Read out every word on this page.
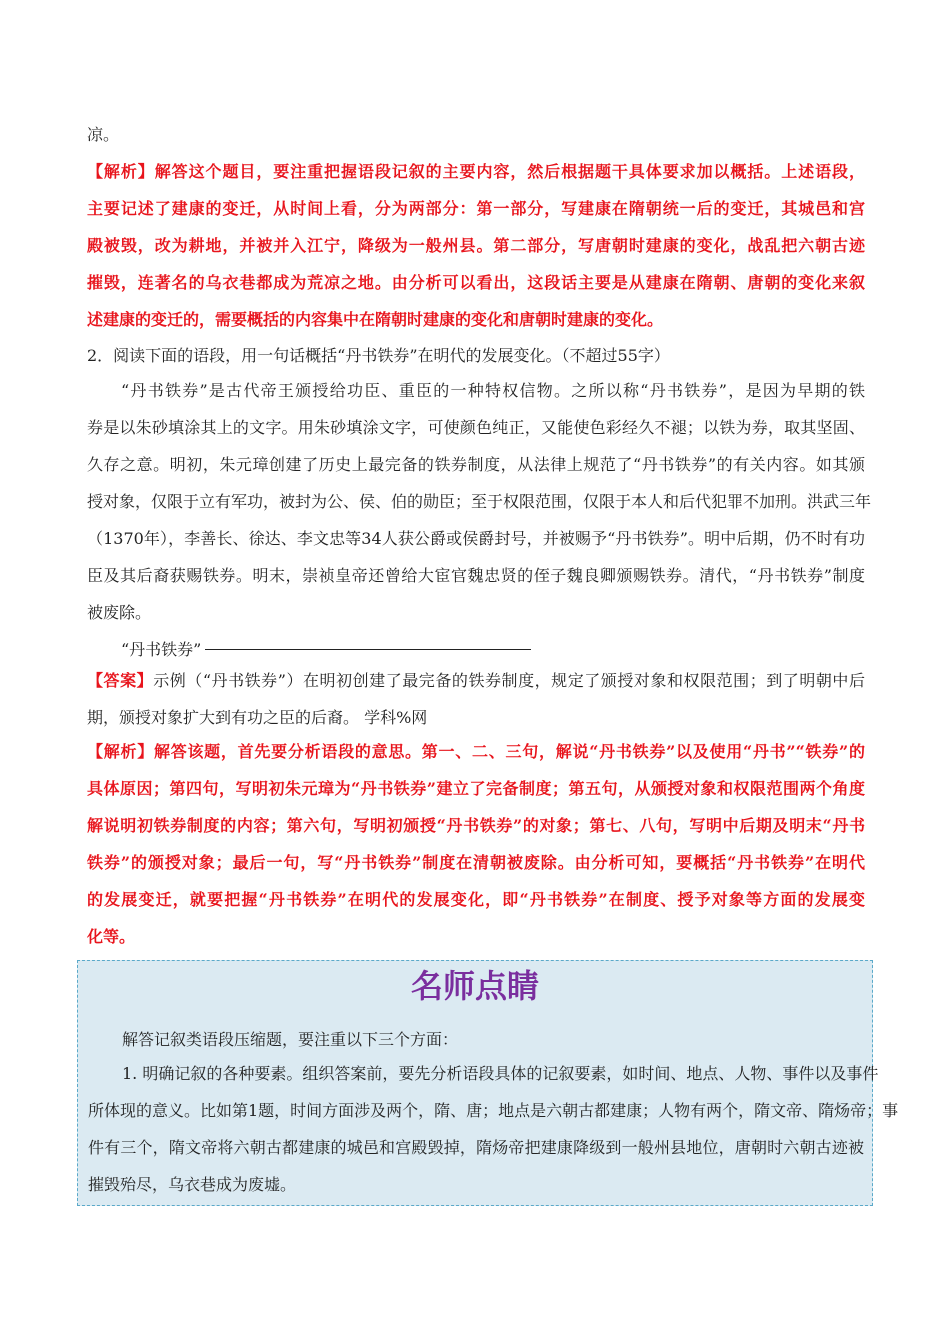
凉。
【解析】解答这个题目，要注重把握语段记叙的主要内容，然后根据题干具体要求加以概括。上述语段，
主要记述了建康的变迁，从时间上看，分为两部分：第一部分，写建康在隋朝统一后的变迁，其城邑和宫
殿被毁，改为耕地，并被并入江宁，降级为一般州县。第二部分，写唐朝时建康的变化，战乱把六朝古迹
摧毁，连著名的乌衣巷都成为荒凉之地。由分析可以看出，这段话主要是从建康在隋朝、唐朝的变化来叙
述建康的变迁的，需要概括的内容集中在隋朝时建康的变化和唐朝时建康的变化。
2．阅读下面的语段，用一句话概括“丹书铁券”在明代的发展变化。（不超过55字）
“丹书铁券”是古代帝王颁授给功臣、重臣的一种特权信物。之所以称“丹书铁券”，是因为早期的铁
券是以朱砂填涂其上的文字。用朱砂填涂文字，可使颜色纯正，又能使色彩经久不褪；以铁为券，取其坚固、
久存之意。明初，朱元璋创建了历史上最完备的铁券制度，从法律上规范了“丹书铁券”的有关内容。如其颁
授对象，仅限于立有军功，被封为公、侯、伯的勋臣；至于权限范围，仅限于本人和后代犯罪不加刑。洪武三年
（1370年），李善长、徐达、李文忠等34人获公爵或侯爵封号，并被赐予“丹书铁券”。明中后期，仍不时有功
臣及其后裔获赐铁券。明末，崇祯皇帝还曾给大宦官魏忠贤的侄子魏良卿颁赐铁券。清代，“丹书铁券”制度
被废除。
“丹书铁券”
【答案】示例（“丹书铁券”）在明初创建了最完备的铁券制度，规定了颁授对象和权限范围；到了明朝中后
期，颁授对象扩大到有功之臣的后裔。 学科%网
【解析】解答该题，首先要分析语段的意思。第一、二、三句，解说“丹书铁券”以及使用“丹书”“铁券”的
具体原因；第四句，写明初朱元璋为“丹书铁券”建立了完备制度；第五句，从颁授对象和权限范围两个角度
解说明初铁券制度的内容；第六句，写明初颁授“丹书铁券”的对象；第七、八句，写明中后期及明末“丹书
铁券”的颁授对象；最后一句，写“丹书铁券”制度在清朝被废除。由分析可知，要概括“丹书铁券”在明代
的发展变迁，就要把握“丹书铁券”在明代的发展变化，即“丹书铁券”在制度、授予对象等方面的发展变
化等。
解答记叙类语段压缩题，要注重以下三个方面：
1. 明确记叙的各种要素。组织答案前，要先分析语段具体的记叙要素，如时间、地点、人物、事件以及事件
所体现的意义。比如第1题，时间方面涉及两个，隋、唐；地点是六朝古都建康；人物有两个，隋文帝、隋炀帝；事
件有三个，隋文帝将六朝古都建康的城邑和宫殿毁掉，隋炀帝把建康降级到一般州县地位，唐朝时六朝古迹被
摧毁殆尽，乌衣巷成为废墟。
名师点睛
